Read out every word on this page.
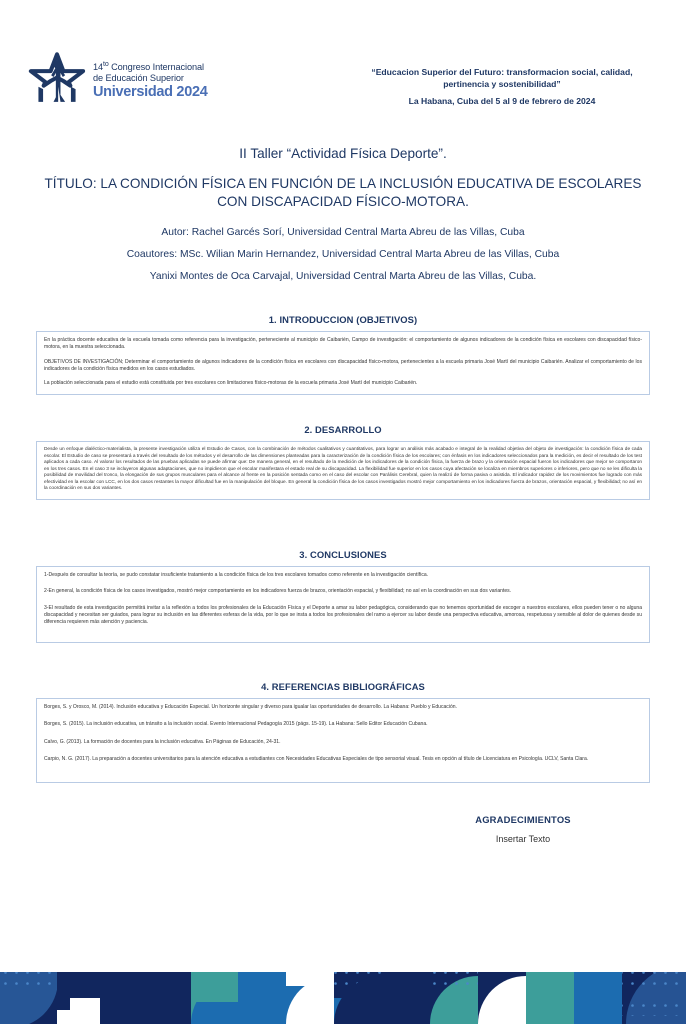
$14^{to}$ Congreso Internacional
de Educación Superior
Universidad 2024
“Educacion Superior del Futuro: transformacion social, calidad, pertinencia y sostenibilidad”
La Habana, Cuba del 5 al 9 de febrero de 2024
II Taller “Actividad Física Deporte”.
TÍTULO: LA CONDICIÓN FÍSICA EN FUNCIÓN DE LA INCLUSIÓN EDUCATIVA DE ESCOLARES CON DISCAPACIDAD FÍSICO-MOTORA.
Autor: Rachel Garcés Sorí, Universidad Central Marta Abreu de las Villas, Cuba
Coautores: MSc. Wilian Marin Hernandez, Universidad Central Marta Abreu de las Villas, Cuba
Yanixi Montes de Oca Carvajal, Universidad Central Marta Abreu de las Villas, Cuba.
1. INTRODUCCION (OBJETIVOS)

En la práctica docente educativa de la escuela tomada como referencia para la investigación, perteneciente al municipio de Caibarién, Campo de investigación: el comportamiento de algunos indicadores de la condición física en escolares con discapacidad físico-motora, en la muestra seleccionada.

OBJETIVOS DE INVESTIGACIÓN; Determinar el comportamiento de algunos indicadores de la condición física en escolares con discapacidad físico-motora, pertenecientes a la escuela primaria José Martí del municipio Caibarién. Analizar el comportamiento de los indicadores de la condición física medidos en los casos estudiados.

La población seleccionada para el estudio está constituida por tres escolares con limitaciones físico-motoras de la escuela primaria José Martí del municipio Caibarién.

2. DESARROLLO

Desde un enfoque dialéctico-materialista, la presente investigación utiliza el Estudio de Casos, con la combinación de métodos cualitativos y cuantitativos, para lograr un análisis más acabado e integral de la realidad objetiva del objeto de investigación: la condición física de cada escolar. El Estudio de caso se presentará a través del resultado de los métodos y el desarrollo de las dimensiones planteadas para la caracterización de la condición física de los escolares; con énfasis en los indicadores seleccionados para la medición, es decir el resultado de los test aplicados a cada caso. Al valorar los resultados de las pruebas aplicadas se puede afirmar que: De manera general, en el resultado de la medición de los indicadores de la condición física, la fuerza de brazo y la orientación espacial fueron los indicadores que mejor se comportaron en los tres casos. En el caso 3 se incluyeron algunas adaptaciones, que no impidieron que el escolar manifestara el estado real de su discapacidad. La flexibilidad fue superior en los casos cuya afectación se localiza en miembros superiores o inferiores, pero que no se les dificulta la posibilidad de movilidad del tronco, la elongación de sus grupos musculares para el alcance al frente en la posición sentada como en el caso del escolar con Parálisis Cerebral, quien la realizó de forma pasiva o asistida. El indicador rapidez de los movimientos fue logrado con más efectividad en la escolar con LCC, en los dos casos restantes la mayor dificultad fue en la manipulación del bloque. En general la condición física de los casos investigados mostró mejor comportamiento en los indicadores fuerza de brazos, orientación espacial, y flexibilidad; no así en la coordinación en sus dos variantes.

3. CONCLUSIONES

1-Después de consultar la teoría, se pudo constatar insuficiente tratamiento a la condición física de los tres escolares tomados como referente en la investigación científica.

2-En general, la condición física de los casos investigados, mostró mejor comportamiento en los indicadores fuerza de brazos, orientación espacial, y flexibilidad; no así en la coordinación en sus dos variantes.

3-El resultado de esta investigación permitirá invitar a la reflexión a todos los profesionales de la Educación Física y el Deporte a amar su labor pedagógica, considerando que no tenemos oportunidad de escoger a nuestros escolares, ellos pueden tener o no alguna discapacidad y necesitan ser guiados, para lograr su inclusión en las diferentes esferas de la vida, por lo que se insta a todos los profesionales del ramo a ejercer su labor desde una perspectiva educativa, amorosa, respetuosa y sensible al dolor de quienes desde su diferencia requieren más atención y paciencia.

4. REFERENCIAS BIBLIOGRÁFICAS

Borges, S. y Orosco, M. (2014). Inclusión educativa y Educación Especial. Un horizonte singular y diverso para igualar las oportunidades de desarrollo. La Habana: Pueblo y Educación.

Borges, S. (2015). La inclusión educativa, un tránsito a la inclusión social. Evento Internacional Pedagogía 2015 (págs. 15-19). La Habana: Sello Editor Educación Cubana.

Calvo, G. (2013). La formación de docentes para la inclusión educativa. En Páginas de Educación, 24-31.

Carpio, N. G. (2017). La preparación a docentes universitarios para la atención educativa a estudiantes con Necesidades Educativas Especiales de tipo sensorial visual. Tesis en opción al título de Licenciatura en Psicología. UCLV, Santa Clara.

AGRADECIMIENTOS
Insertar Texto
